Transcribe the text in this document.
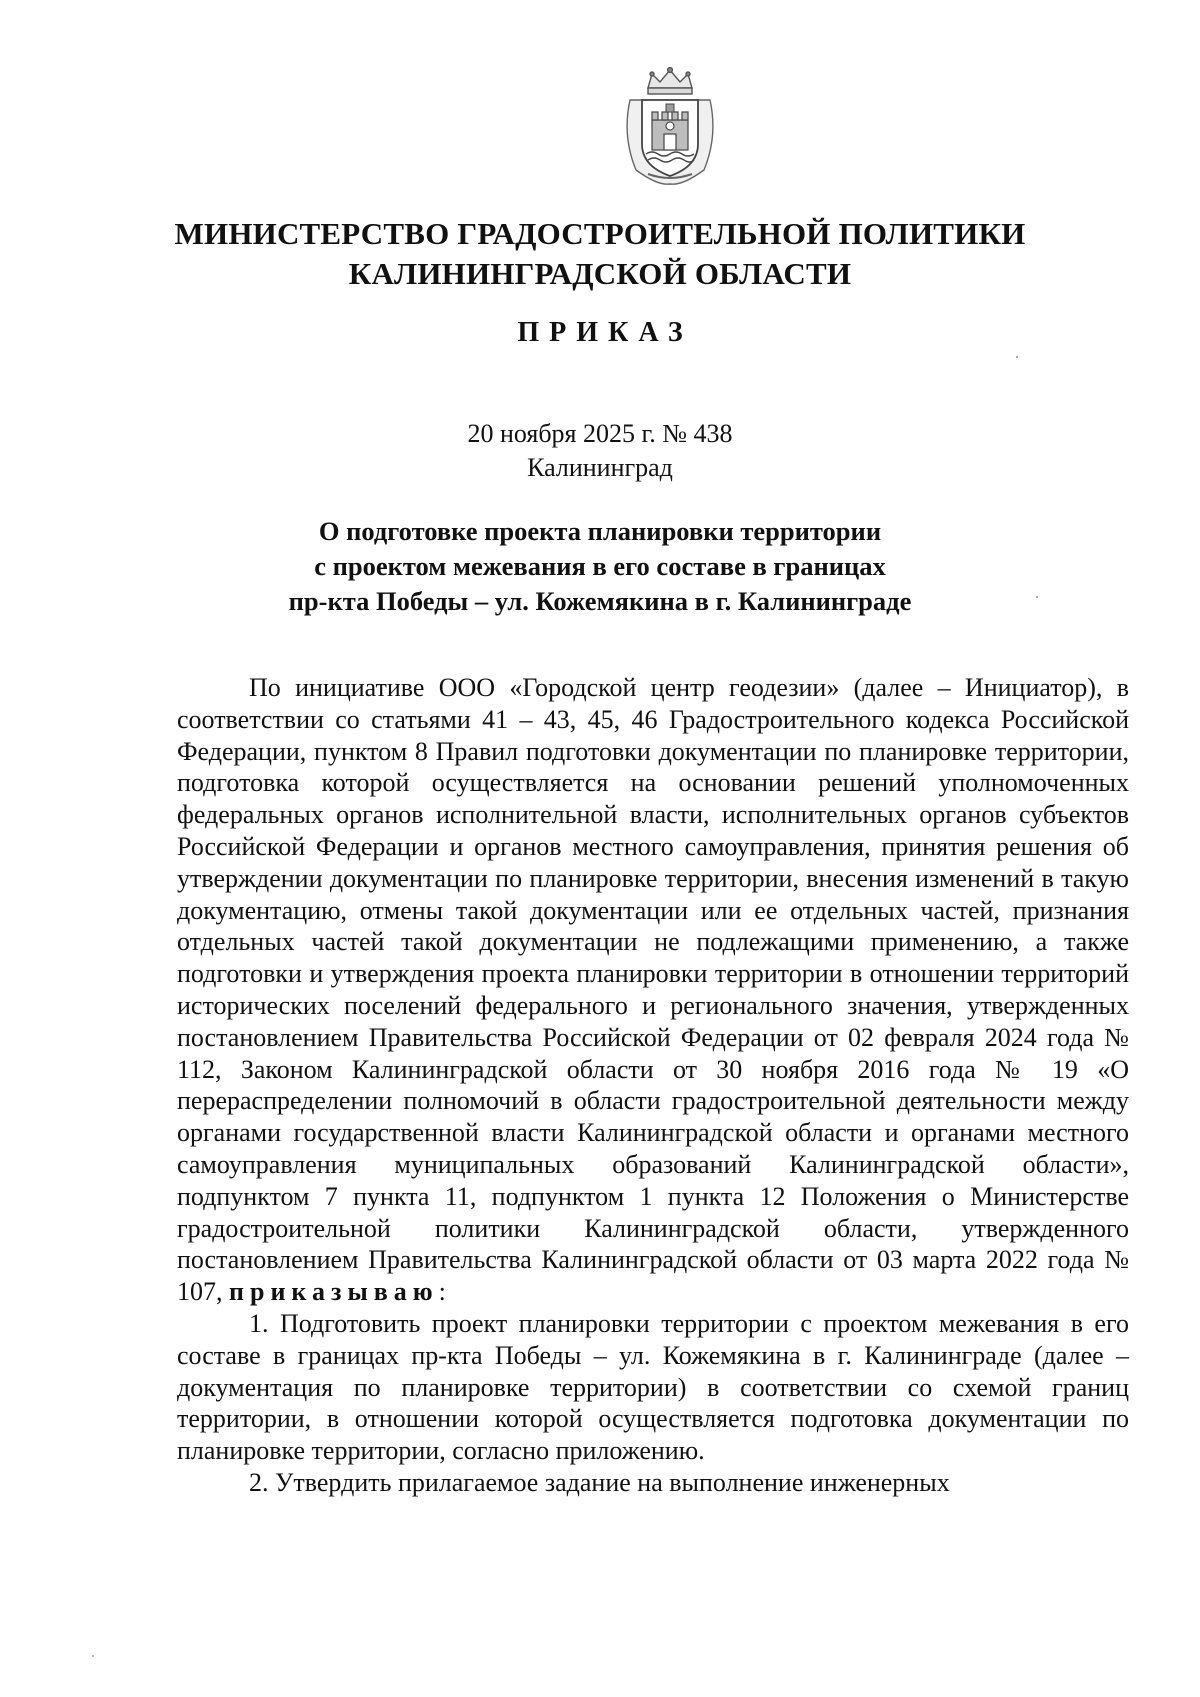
МИНИСТЕРСТВО ГРАДОСТРОИТЕЛЬНОЙ ПОЛИТИКИ
КАЛИНИНГРАДСКОЙ ОБЛАСТИ
ПРИКАЗ
20 ноября 2025 г. № 438
Калининград
О подготовке проекта планировки территории
с проектом межевания в его составе в границах
пр-кта Победы – ул. Кожемякина в г. Калининграде

По инициативе ООО «Городской центр геодезии» (далее – Инициатор), в соответствии со статьями 41 – 43, 45, 46 Градостроительного кодекса Российской Федерации, пунктом 8 Правил подготовки документации по планировке территории, подготовка которой осуществляется на основании решений уполномоченных федеральных органов исполнительной власти, исполнительных органов субъектов Российской Федерации и органов местного самоуправления, принятия решения об утверждении документации по планировке территории, внесения изменений в такую документацию, отмены такой документации или ее отдельных частей, признания отдельных частей такой документации не подлежащими применению, а также подготовки и утверждения проекта планировки территории в отношении территорий исторических поселений федерального и регионального значения, утвержденных постановлением Правительства Российской Федерации от 02 февраля 2024 года № 112, Законом Калининградской области от 30 ноября 2016 года № 19 «О перераспределении полномочий в области градостроительной деятельности между органами государственной власти Калининградской области и органами местного самоуправления муниципальных образований Калининградской области», подпунктом 7 пункта 11, подпунктом 1 пункта 12 Положения о Министерстве градостроительной политики Калининградской области, утвержденного постановлением Правительства Калининградской области от 03 марта 2022 года № 107, приказываю:

1. Подготовить проект планировки территории с проектом межевания в его составе в границах пр-кта Победы – ул. Кожемякина в г. Калининграде (далее – документация по планировке территории) в соответствии со схемой границ территории, в отношении которой осуществляется подготовка документации по планировке территории, согласно приложению.

2. Утвердить прилагаемое задание на выполнение инженерных
